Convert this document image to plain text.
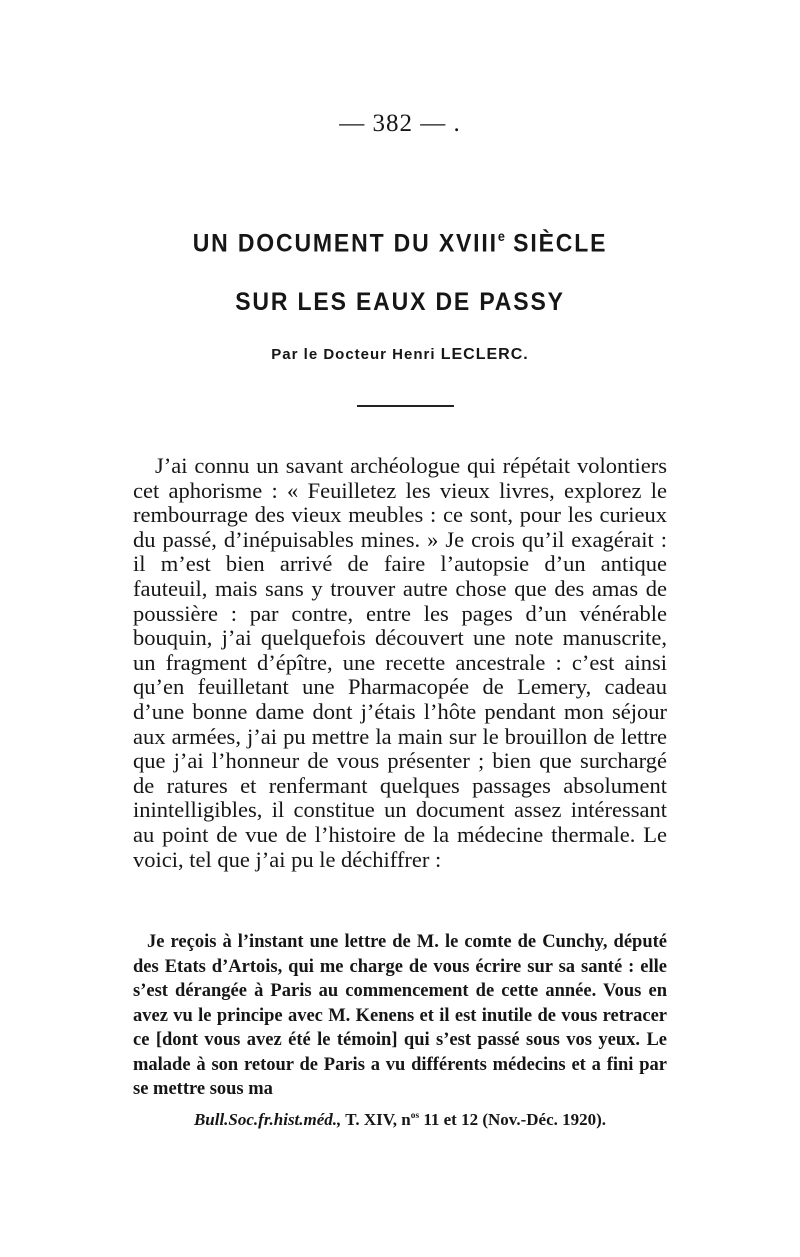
— 382 — .
UN DOCUMENT DU XVIIIe SIÈCLE
SUR LES EAUX DE PASSY
Par le Docteur Henri LECLERC.

J’ai connu un savant archéologue qui répétait volontiers cet aphorisme : « Feuilletez les vieux livres, explorez le rembourrage des vieux meubles : ce sont, pour les curieux du passé, d’inépuisables mines. » Je crois qu’il exagérait : il m’est bien arrivé de faire l’autopsie d’un antique fauteuil, mais sans y trouver autre chose que des amas de poussière : par contre, entre les pages d’un vénérable bouquin, j’ai quelquefois découvert une note manuscrite, un fragment d’épître, une recette ancestrale : c’est ainsi qu’en feuilletant une Pharmacopée de Lemery, cadeau d’une bonne dame dont j’étais l’hôte pendant mon séjour aux armées, j’ai pu mettre la main sur le brouillon de lettre que j’ai l’honneur de vous présenter ; bien que surchargé de ratures et renfermant quelques passages absolument inintelligibles, il constitue un document assez intéressant au point de vue de l’histoire de la médecine thermale. Le voici, tel que j’ai pu le déchiffrer :

Je reçois à l’instant une lettre de M. le comte de Cunchy, député des Etats d’Artois, qui me charge de vous écrire sur sa santé : elle s’est dérangée à Paris au commencement de cette année. Vous en avez vu le principe avec M. Kenens et il est inutile de vous retracer ce [dont vous avez été le témoin] qui s’est passé sous vos yeux. Le malade à son retour de Paris a vu différents médecins et a fini par se mettre sous ma

Bull.Soc.fr.hist.méd., T. XIV, $n^{os}$ 11 et 12 (Nov.-Déc. 1920).
